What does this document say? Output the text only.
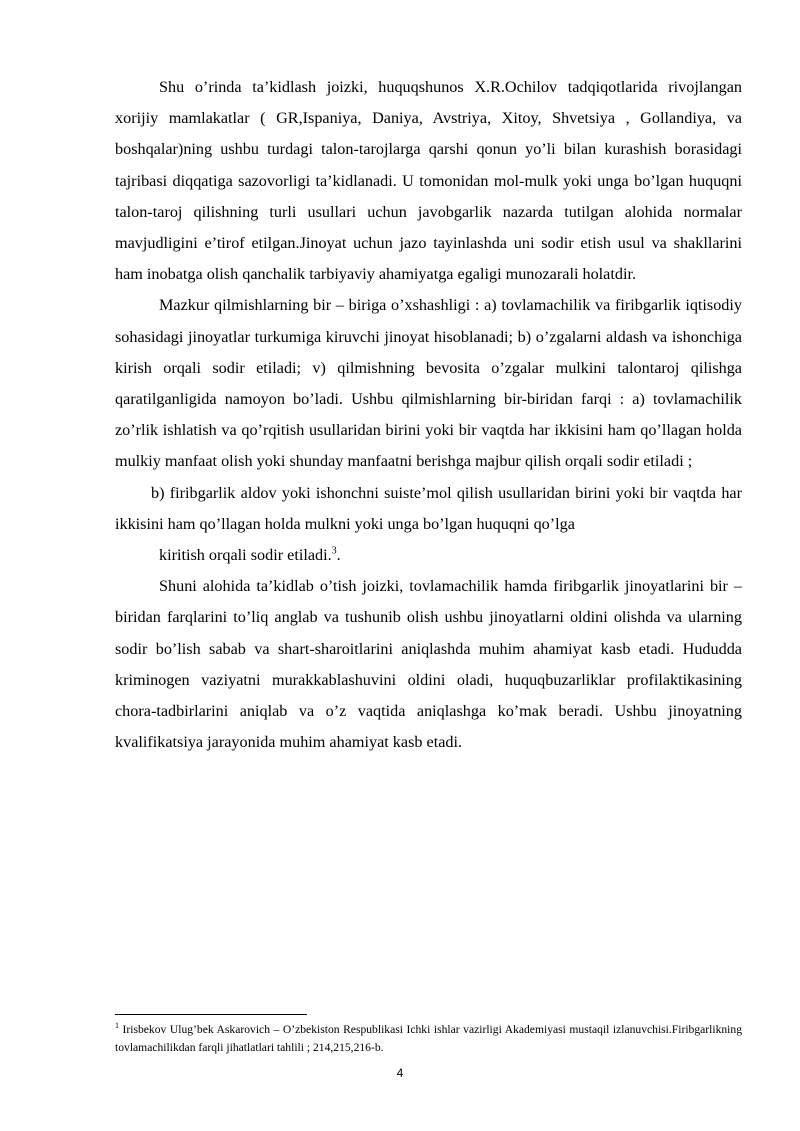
Shu o’rinda ta’kidlash joizki, huquqshunos X.R.Ochilov tadqiqotlarida rivojlangan xorijiy mamlakatlar ( GR,Ispaniya, Daniya, Avstriya, Xitoy, Shvetsiya , Gollandiya, va boshqalar)ning ushbu turdagi talon-tarojlarga qarshi qonun yo’li bilan kurashish borasidagi tajribasi diqqatiga sazovorligi ta’kidlanadi. U tomonidan mol-mulk yoki unga bo’lgan huquqni talon-taroj qilishning turli usullari uchun javobgarlik nazarda tutilgan alohida normalar mavjudligini e’tirof etilgan.Jinoyat uchun jazo tayinlashda uni sodir etish usul va shakllarini ham inobatga olish qanchalik tarbiyaviy ahamiyatga egaligi munozarali holatdir.

Mazkur qilmishlarning bir – biriga o’xshashligi : a) tovlamachilik va firibgarlik iqtisodiy sohasidagi jinoyatlar turkumiga kiruvchi jinoyat hisoblanadi; b) o’zgalarni aldash va ishonchiga kirish orqali sodir etiladi; v) qilmishning bevosita o’zgalar mulkini talontaroj qilishga qaratilganligida namoyon bo’ladi. Ushbu qilmishlarning bir-biridan farqi : a) tovlamachilik zo’rlik ishlatish va qo’rqitish usullaridan birini yoki bir vaqtda har ikkisini ham qo’llagan holda mulkiy manfaat olish yoki shunday manfaatni berishga majbur qilish orqali sodir etiladi ;

b) firibgarlik aldov yoki ishonchni suiste’mol qilish usullaridan birini yoki bir vaqtda har ikkisini ham qo’llagan holda mulkni yoki unga bo’lgan huquqni qo’lga

kiritish orqali sodir etiladi.$^3$.

Shuni alohida ta’kidlab o’tish joizki, tovlamachilik hamda firibgarlik jinoyatlarini bir – biridan farqlarini to’liq anglab va tushunib olish ushbu jinoyatlarni oldini olishda va ularning sodir bo’lish sabab va shart-sharoitlarini aniqlashda muhim ahamiyat kasb etadi. Hududda kriminogen vaziyatni murakkablashuvini oldini oladi, huquqbuzarliklar profilaktikasining chora-tadbirlarini aniqlab va o’z vaqtida aniqlashga ko’mak beradi. Ushbu jinoyatning kvalifikatsiya jarayonida muhim ahamiyat kasb etadi.

$^1$ Irisbekov Ulug’bek Askarovich – O’zbekiston Respublikasi Ichki ishlar vazirligi Akademiyasi mustaqil izlanuvchisi.Firibgarlikning tovlamachilikdan farqli jihatlatlari tahlili ; 214,215,216-b.
4
